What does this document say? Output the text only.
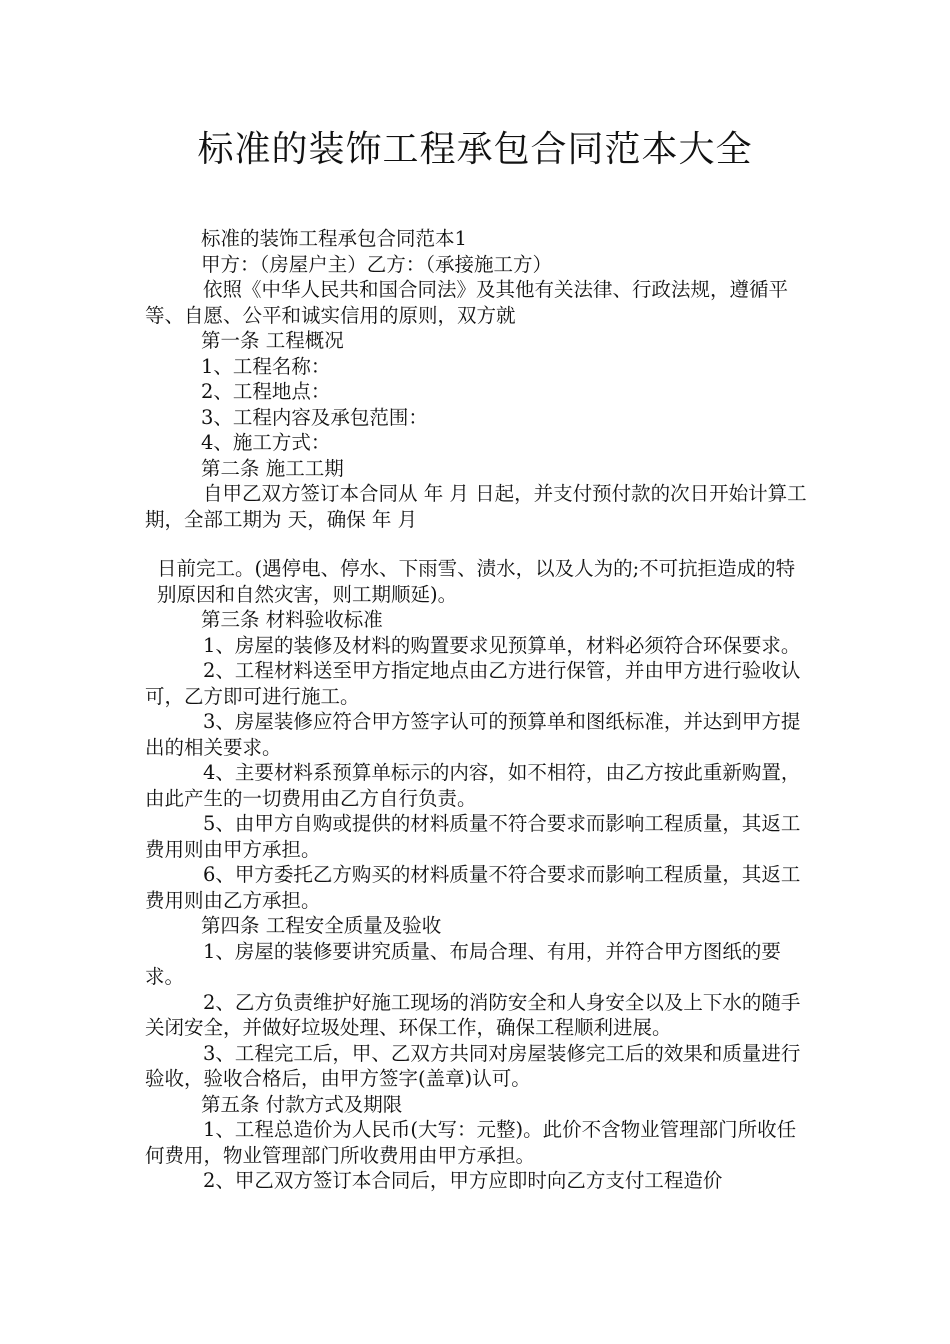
标准的装饰工程承包合同范本大全

标准的装饰工程承包合同范本1

甲方：（房屋户主）乙方：（承接施工方）

依照《中华人民共和国合同法》及其他有关法律、行政法规，遵循平等、自愿、公平和诚实信用的原则，双方就

第一条 工程概况

1、工程名称：

2、工程地点：

3、工程内容及承包范围：

4、施工方式：

第二条 施工工期

自甲乙双方签订本合同从 年 月 日起，并支付预付款的次日开始计算工期，全部工期为 天，确保 年 月

日前完工。(遇停电、停水、下雨雪、渍水，以及人为的;不可抗拒造成的特别原因和自然灾害，则工期顺延)。

第三条 材料验收标准

1、房屋的装修及材料的购置要求见预算单，材料必须符合环保要求。

2、工程材料送至甲方指定地点由乙方进行保管，并由甲方进行验收认可，乙方即可进行施工。

3、房屋装修应符合甲方签字认可的预算单和图纸标准，并达到甲方提出的相关要求。

4、主要材料系预算单标示的内容，如不相符，由乙方按此重新购置，由此产生的一切费用由乙方自行负责。

5、由甲方自购或提供的材料质量不符合要求而影响工程质量，其返工费用则由甲方承担。

6、甲方委托乙方购买的材料质量不符合要求而影响工程质量，其返工费用则由乙方承担。

第四条 工程安全质量及验收

1、房屋的装修要讲究质量、布局合理、有用，并符合甲方图纸的要求。

2、乙方负责维护好施工现场的消防安全和人身安全以及上下水的随手关闭安全，并做好垃圾处理、环保工作，确保工程顺利进展。

3、工程完工后，甲、乙双方共同对房屋装修完工后的效果和质量进行验收，验收合格后，由甲方签字(盖章)认可。

第五条 付款方式及期限

1、工程总造价为人民币(大写：元整)。此价不含物业管理部门所收任何费用，物业管理部门所收费用由甲方承担。

2、甲乙双方签订本合同后，甲方应即时向乙方支付工程造价
